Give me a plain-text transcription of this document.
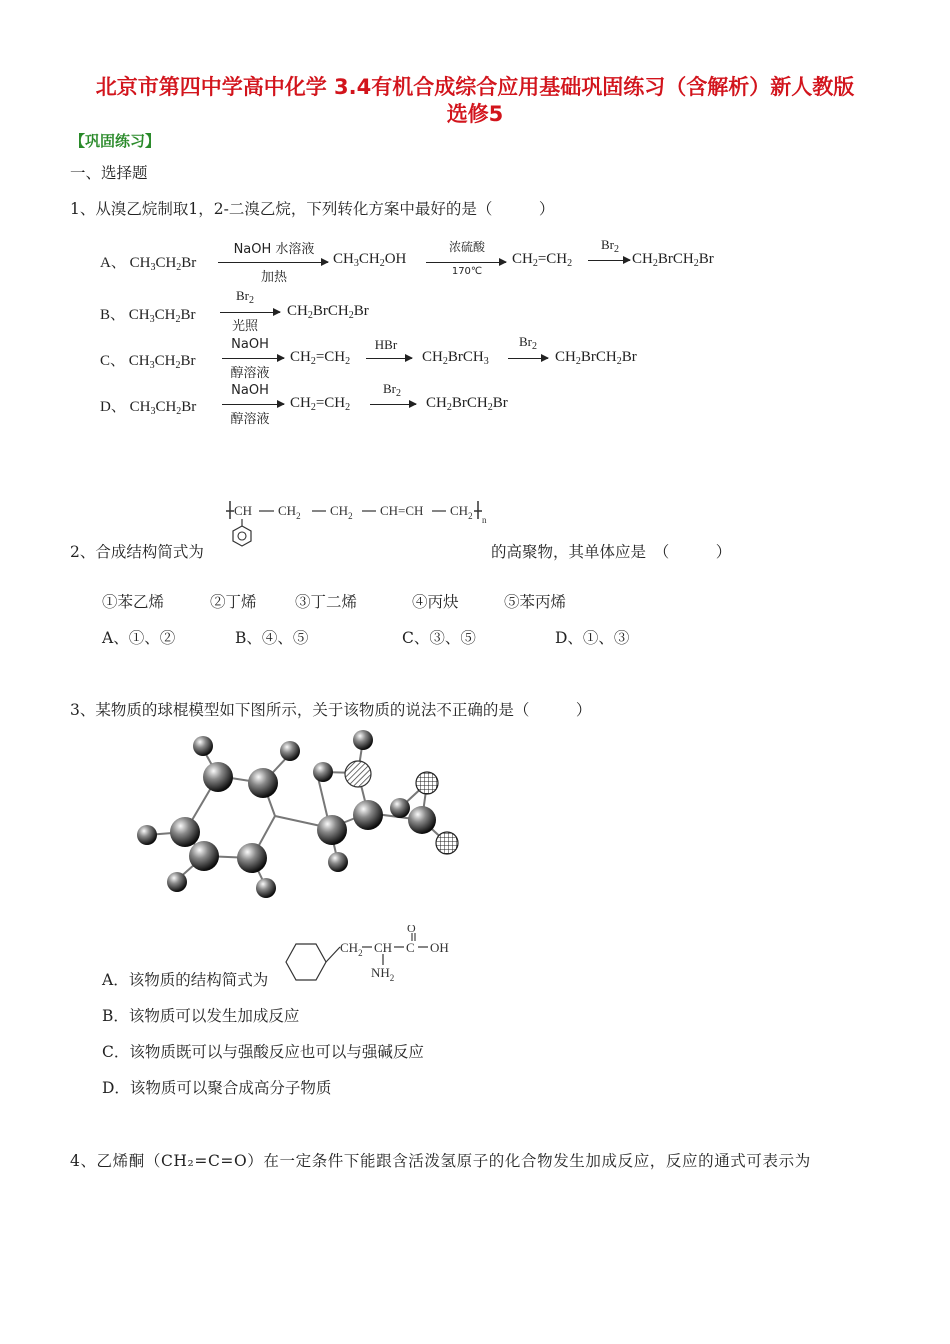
北京市第四中学高中化学 3.4有机合成综合应用基础巩固练习（含解析）新人教版
选修5
【巩固练习】
一、选择题
1、从溴乙烷制取1，2-二溴乙烷，下列转化方案中最好的是（　　　）
A、 $CH_3CH_2Br$
NaOH 水溶液
加热
$CH_3CH_2OH$
浓硫酸
170℃
$CH_2=CH_2$
$Br_2$
$CH_2BrCH_2Br$
B、 $CH_3CH_2Br$
$Br_2$
光照
$CH_2BrCH_2Br$
C、 $CH_3CH_2Br$
NaOH
醇溶液
$CH_2=CH_2$
HBr
$CH_2BrCH_3$
$Br_2$
$CH_2BrCH_2Br$
D、 $CH_3CH_2Br$
NaOH
醇溶液
$CH_2=CH_2$
$Br_2$
$CH_2BrCH_2Br$
2、合成结构简式为
CH $CH_2$ $CH_2$ CH=CH $CH_2$ n
的高聚物，其单体应是　（　　　）
①苯乙烯	②丁烯 ③丁二烯	④丙炔	⑤苯丙烯
A、①、②	B、④、⑤	C、③、⑤	D、①、③
3、某物质的球棍模型如下图所示，关于该物质的说法不正确的是（　　　）
A．该物质的结构简式为
$CH_2$ CH
$NH_2$
C
O
OH
B．该物质可以发生加成反应
C．该物质既可以与强酸反应也可以与强碱反应
D．该物质可以聚合成高分子物质
4、乙烯酮（CH₂=C=O）在一定条件下能跟含活泼氢原子的化合物发生加成反应，反应的通式可表示为
